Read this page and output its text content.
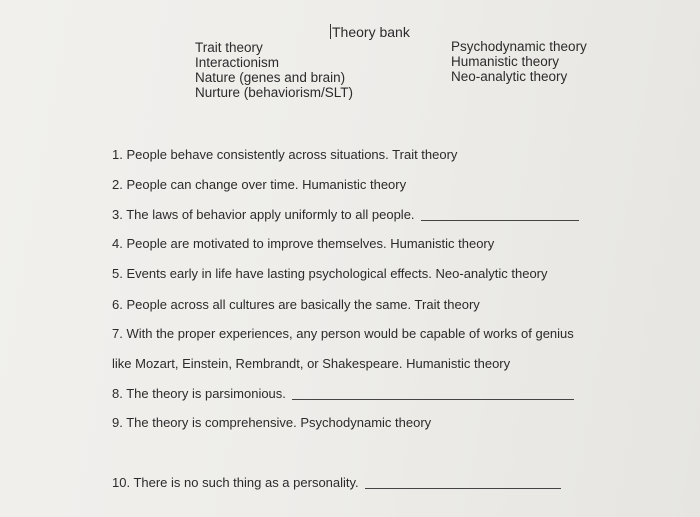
Theory bank
Trait theory
Interactionism
Nature (genes and brain)
Nurture (behaviorism/SLT)
Psychodynamic theory
Humanistic theory
Neo-analytic theory
1. People behave consistently across situations. Trait theory
2. People can change over time. Humanistic theory
3. The laws of behavior apply uniformly to all people.
4. People are motivated to improve themselves. Humanistic theory
5. Events early in life have lasting psychological effects. Neo-analytic theory
6. People across all cultures are basically the same. Trait theory
7. With the proper experiences, any person would be capable of works of genius
like Mozart, Einstein, Rembrandt, or Shakespeare. Humanistic theory
8. The theory is parsimonious.
9. The theory is comprehensive. Psychodynamic theory
10. There is no such thing as a personality.
